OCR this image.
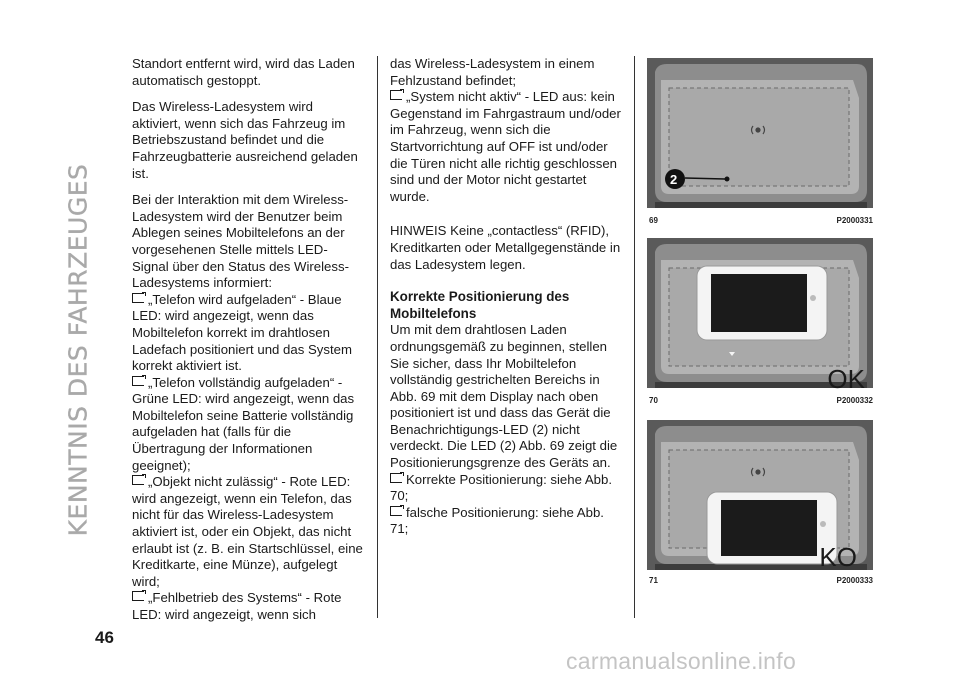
KENNTNIS DES FAHRZEUGES

Standort entfernt wird, wird das Laden automatisch gestoppt.

Das Wireless-Ladesystem wird aktiviert, wenn sich das Fahrzeug im Betriebszustand befindet und die Fahrzeugbatterie ausreichend geladen ist.

Bei der Interaktion mit dem Wireless-Ladesystem wird der Benutzer beim Ablegen seines Mobiltelefons an der vorgesehenen Stelle mittels LED-Signal über den Status des Wireless-Ladesystems informiert:

„Telefon wird aufgeladen“ - Blaue LED: wird angezeigt, wenn das Mobiltelefon korrekt im drahtlosen Ladefach positioniert und das System korrekt aktiviert ist.

„Telefon vollständig aufgeladen“ - Grüne LED: wird angezeigt, wenn das Mobiltelefon seine Batterie vollständig aufgeladen hat (falls für die Übertragung der Informationen geeignet);

„Objekt nicht zulässig“ - Rote LED: wird angezeigt, wenn ein Telefon, das nicht für das Wireless-Ladesystem aktiviert ist, oder ein Objekt, das nicht erlaubt ist (z. B. ein Startschlüssel, eine Kreditkarte, eine Münze), aufgelegt wird;

„Fehlbetrieb des Systems“ - Rote LED: wird angezeigt, wenn sich

das Wireless-Ladesystem in einem Fehlzustand befindet;

„System nicht aktiv“ - LED aus: kein Gegenstand im Fahrgastraum und/oder im Fahrzeug, wenn sich die Startvorrichtung auf OFF ist und/oder die Türen nicht alle richtig geschlossen sind und der Motor nicht gestartet wurde.

HINWEIS Keine „contactless“ (RFID), Kreditkarten oder Metallgegenstände in das Ladesystem legen.

Korrekte Positionierung des Mobiltelefons

Um mit dem drahtlosen Laden ordnungsgemäß zu beginnen, stellen Sie sicher, dass Ihr Mobiltelefon vollständig gestrichelten Bereichs in Abb. 69 mit dem Display nach oben positioniert ist und dass das Gerät die Benachrichtigungs-LED (2) nicht verdeckt. Die LED (2) Abb. 69 zeigt die Positionierungsgrenze des Geräts an.

Korrekte Positionierung: siehe Abb. 70;

falsche Positionierung: siehe Abb. 71;

2
69	P2000331
OK
70	P2000332
KO
71	P2000333
46
carmanualsonline.info
